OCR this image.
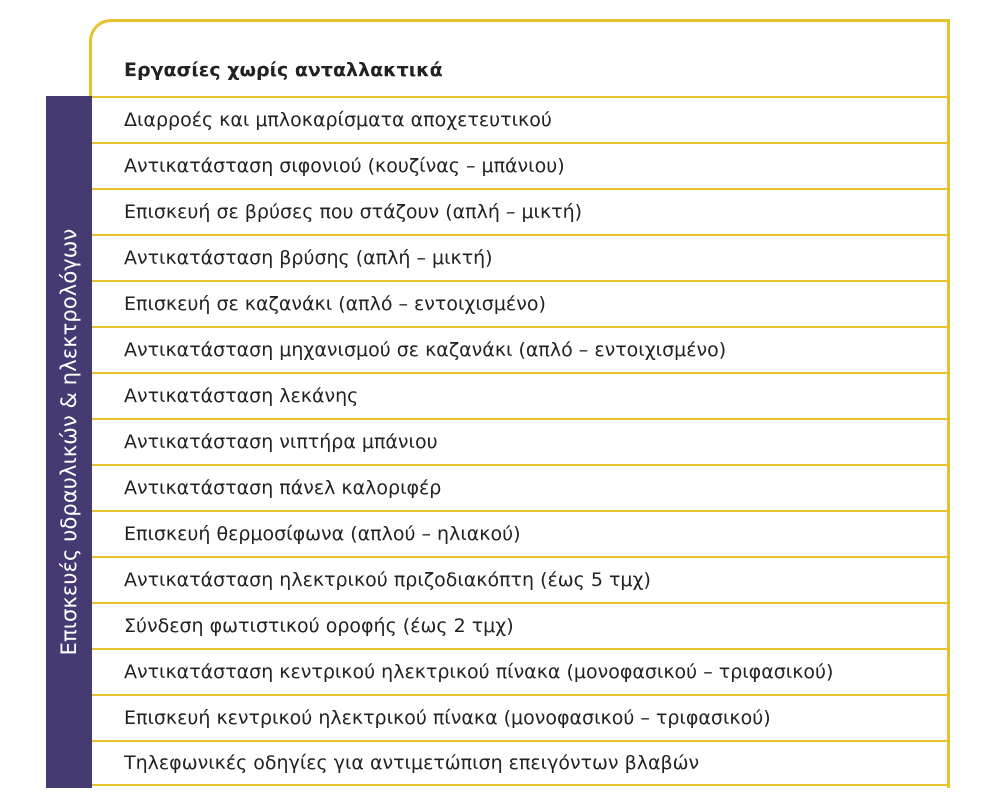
Εργασίες χωρίς ανταλλακτικά
Επισκευές υδραυλικών & ηλεκτρολόγων
Διαρροές και μπλοκαρίσματα αποχετευτικού
Αντικατάσταση σιφονιού (κουζίνας – μπάνιου)
Επισκευή σε βρύσες που στάζουν (απλή – μικτή)
Αντικατάσταση βρύσης (απλή – μικτή)
Επισκευή σε καζανάκι (απλό – εντοιχισμένο)
Αντικατάσταση μηχανισμού σε καζανάκι (απλό – εντοιχισμένο)
Αντικατάσταση λεκάνης
Αντικατάσταση νιπτήρα μπάνιου
Αντικατάσταση πάνελ καλοριφέρ
Επισκευή θερμοσίφωνα (απλού – ηλιακού)
Αντικατάσταση ηλεκτρικού πριζοδιακόπτη (έως 5 τμχ)
Σύνδεση φωτιστικού οροφής (έως 2 τμχ)
Αντικατάσταση κεντρικού ηλεκτρικού πίνακα (μονοφασικού – τριφασικού)
Επισκευή κεντρικού ηλεκτρικού πίνακα (μονοφασικού – τριφασικού)
Τηλεφωνικές οδηγίες για αντιμετώπιση επειγόντων βλαβών
